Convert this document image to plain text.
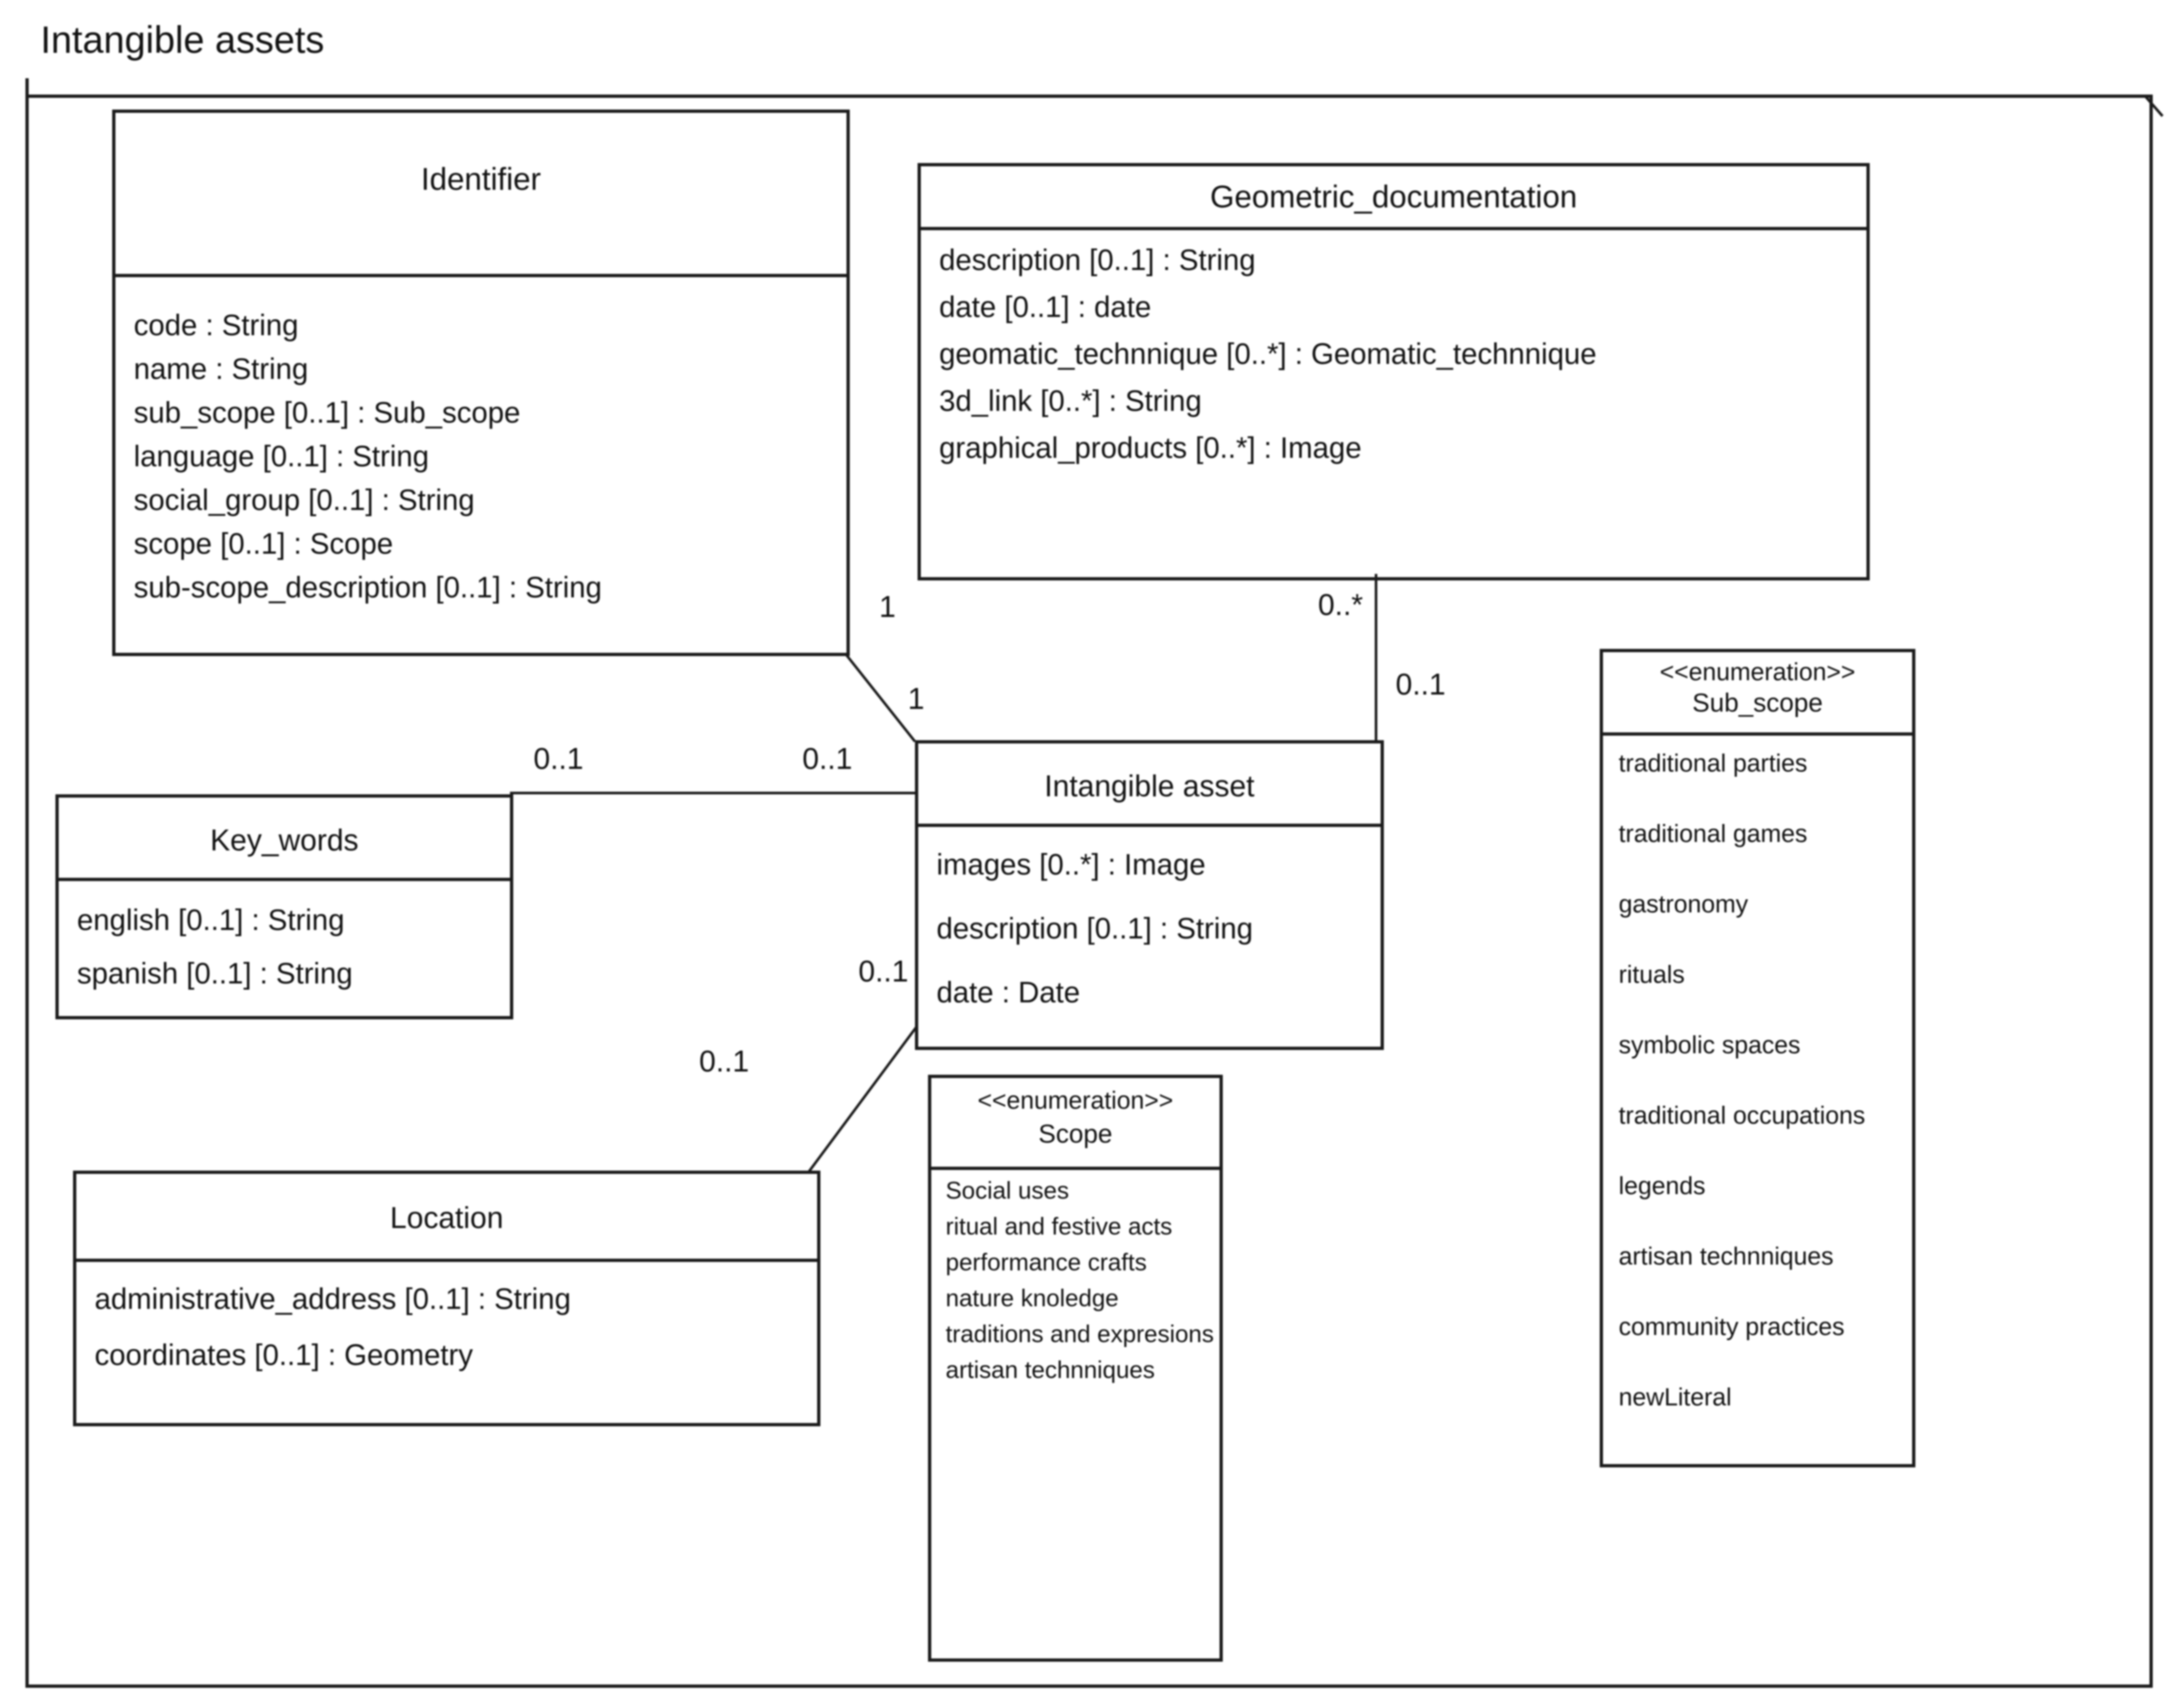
Intangible assets
Identifier
code : String
name : String
sub_scope [0..1] : Sub_scope
language [0..1] : String
social_group [0..1] : String
scope [0..1] : Scope
sub-scope_description [0..1] : String
Geometric_documentation
description [0..1] : String
date [0..1] : date
geomatic_technnique [0..*] : Geomatic_technnique
3d_link [0..*] : String
graphical_products [0..*] : Image
Intangible asset
images [0..*] : Image
description [0..1] : String
date : Date
Key_words
english [0..1] : String
spanish [0..1] : String
Location
administrative_address [0..1] : String
coordinates [0..1] : Geometry
<<enumeration>>
Scope
Social uses
ritual and festive acts
performance crafts
nature knoledge
traditions and expresions
artisan technniques
<<enumeration>>
Sub_scope
traditional parties
traditional games
gastronomy
rituals
symbolic spaces
traditional occupations
legends
artisan technniques
community practices
newLiteral
1
1
0..*
0..1
0..1	0..1
0..1
0..1
